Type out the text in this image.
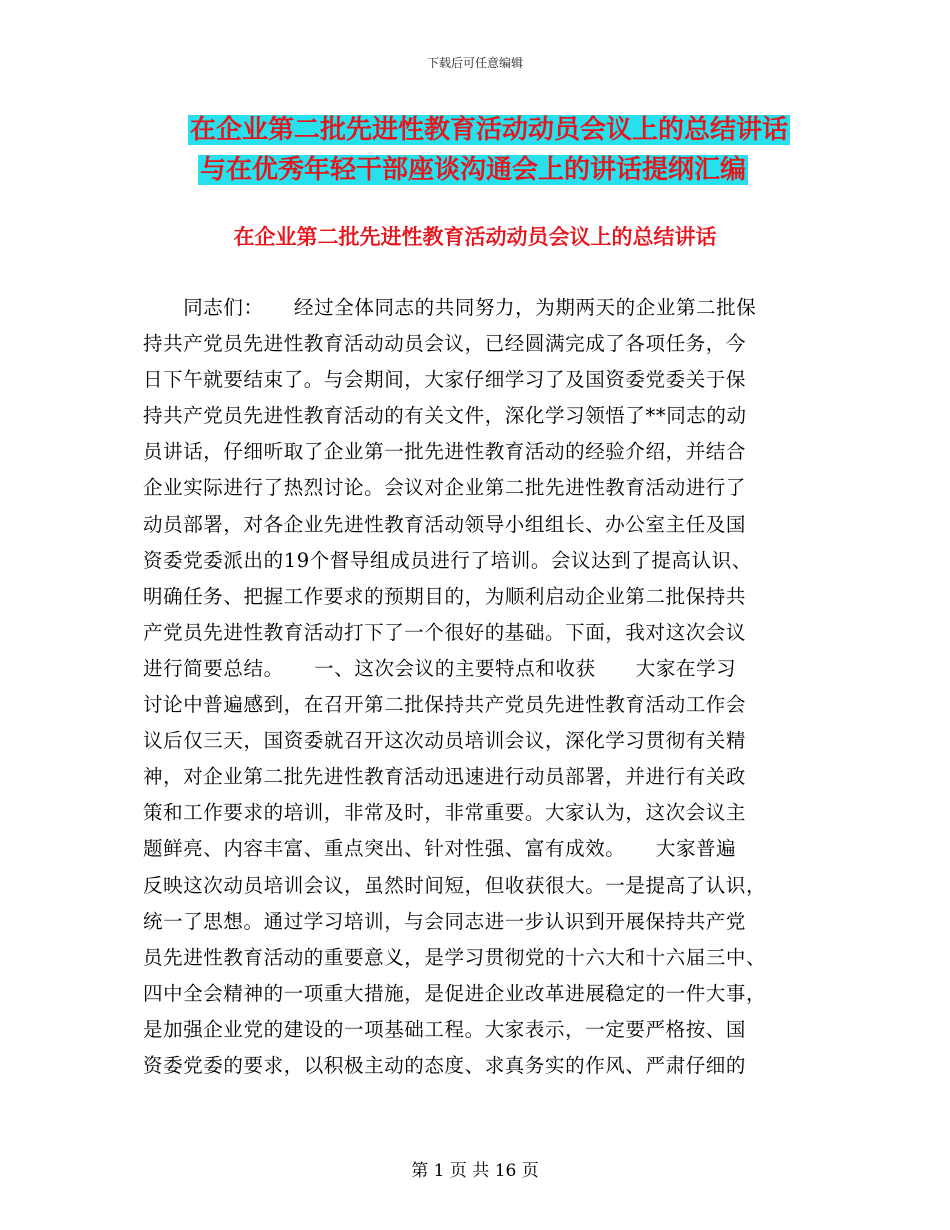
下载后可任意编辑
在企业第二批先进性教育活动动员会议上的总结讲话
与在优秀年轻干部座谈沟通会上的讲话提纲汇编
在企业第二批先进性教育活动动员会议上的总结讲话
　　同志们：　　经过全体同志的共同努力，为期两天的企业第二批保
持共产党员先进性教育活动动员会议，已经圆满完成了各项任务，今
日下午就要结束了。与会期间，大家仔细学习了及国资委党委关于保
持共产党员先进性教育活动的有关文件，深化学习领悟了**同志的动
员讲话，仔细听取了企业第一批先进性教育活动的经验介绍，并结合
企业实际进行了热烈讨论。会议对企业第二批先进性教育活动进行了
动员部署，对各企业先进性教育活动领导小组组长、办公室主任及国
资委党委派出的19个督导组成员进行了培训。会议达到了提高认识、
明确任务、把握工作要求的预期目的，为顺利启动企业第二批保持共
产党员先进性教育活动打下了一个很好的基础。下面，我对这次会议
进行简要总结。　　一、这次会议的主要特点和收获　　大家在学习
讨论中普遍感到，在召开第二批保持共产党员先进性教育活动工作会
议后仅三天，国资委就召开这次动员培训会议，深化学习贯彻有关精
神，对企业第二批先进性教育活动迅速进行动员部署，并进行有关政
策和工作要求的培训，非常及时，非常重要。大家认为，这次会议主
题鲜亮、内容丰富、重点突出、针对性强、富有成效。　　大家普遍
反映这次动员培训会议，虽然时间短，但收获很大。一是提高了认识，
统一了思想。通过学习培训，与会同志进一步认识到开展保持共产党
员先进性教育活动的重要意义，是学习贯彻党的十六大和十六届三中、
四中全会精神的一项重大措施，是促进企业改革进展稳定的一件大事，
是加强企业党的建设的一项基础工程。大家表示，一定要严格按、国
资委党委的要求，以积极主动的态度、求真务实的作风、严肃仔细的
第 1 页 共 16 页
